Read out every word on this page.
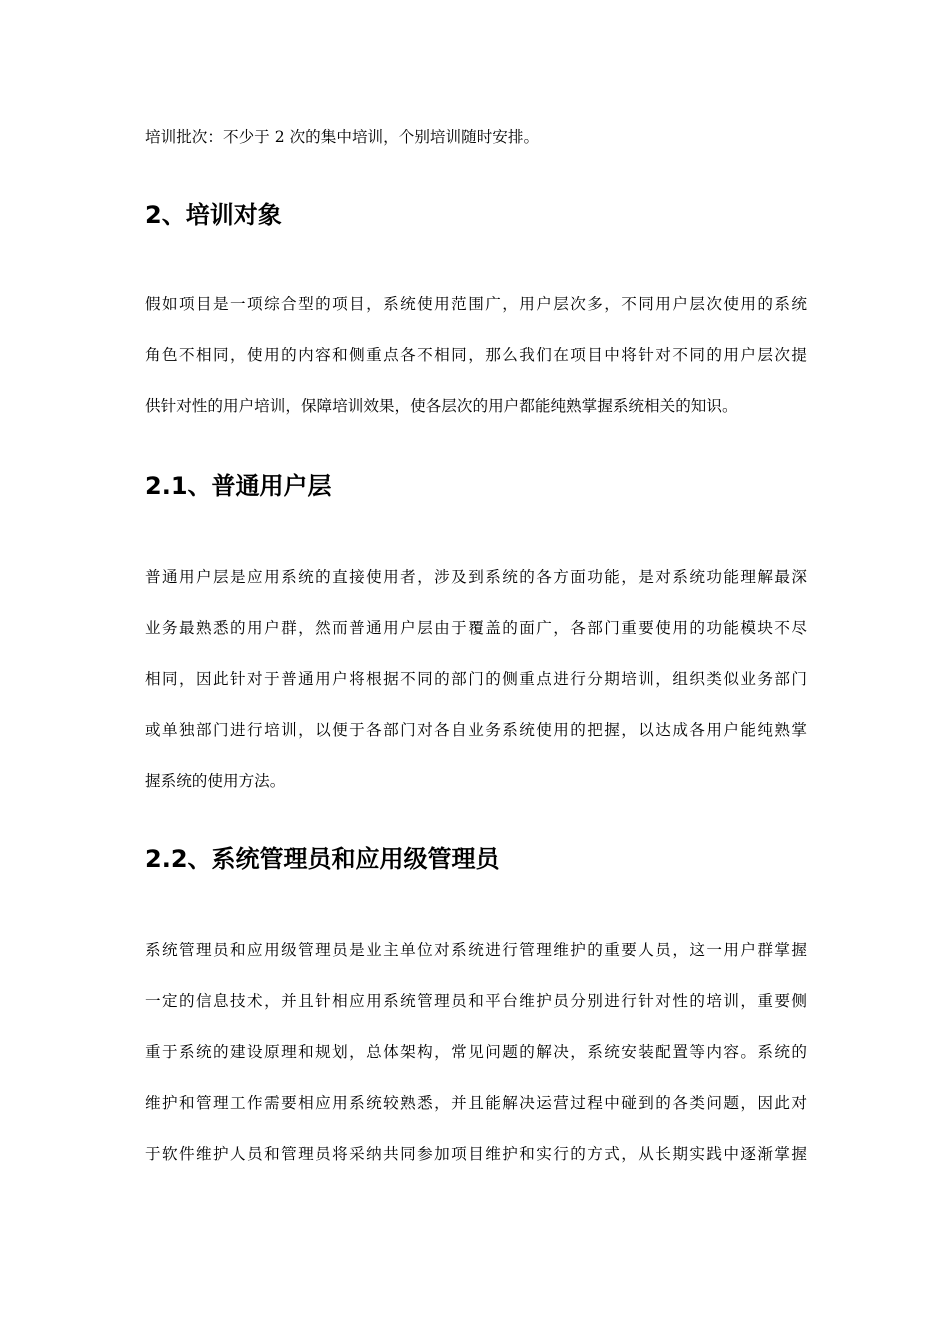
培训批次：不少于 2 次的集中培训，个别培训随时安排。
2、培训对象
假如项目是一项综合型的项目，系统使用范围广，用户层次多，不同用户层次使用的系统
角色不相同，使用的内容和侧重点各不相同，那么我们在项目中将针对不同的用户层次提
供针对性的用户培训，保障培训效果，使各层次的用户都能纯熟掌握系统相关的知识。
2.1、普通用户层
普通用户层是应用系统的直接使用者，涉及到系统的各方面功能，是对系统功能理解最深
业务最熟悉的用户群，然而普通用户层由于覆盖的面广，各部门重要使用的功能模块不尽
相同，因此针对于普通用户将根据不同的部门的侧重点进行分期培训，组织类似业务部门
或单独部门进行培训，以便于各部门对各自业务系统使用的把握，以达成各用户能纯熟掌
握系统的使用方法。
2.2、系统管理员和应用级管理员
系统管理员和应用级管理员是业主单位对系统进行管理维护的重要人员，这一用户群掌握
一定的信息技术，并且针相应用系统管理员和平台维护员分别进行针对性的培训，重要侧
重于系统的建设原理和规划，总体架构，常见问题的解决，系统安装配置等内容。系统的
维护和管理工作需要相应用系统较熟悉，并且能解决运营过程中碰到的各类问题，因此对
于软件维护人员和管理员将采纳共同参加项目维护和实行的方式，从长期实践中逐渐掌握
